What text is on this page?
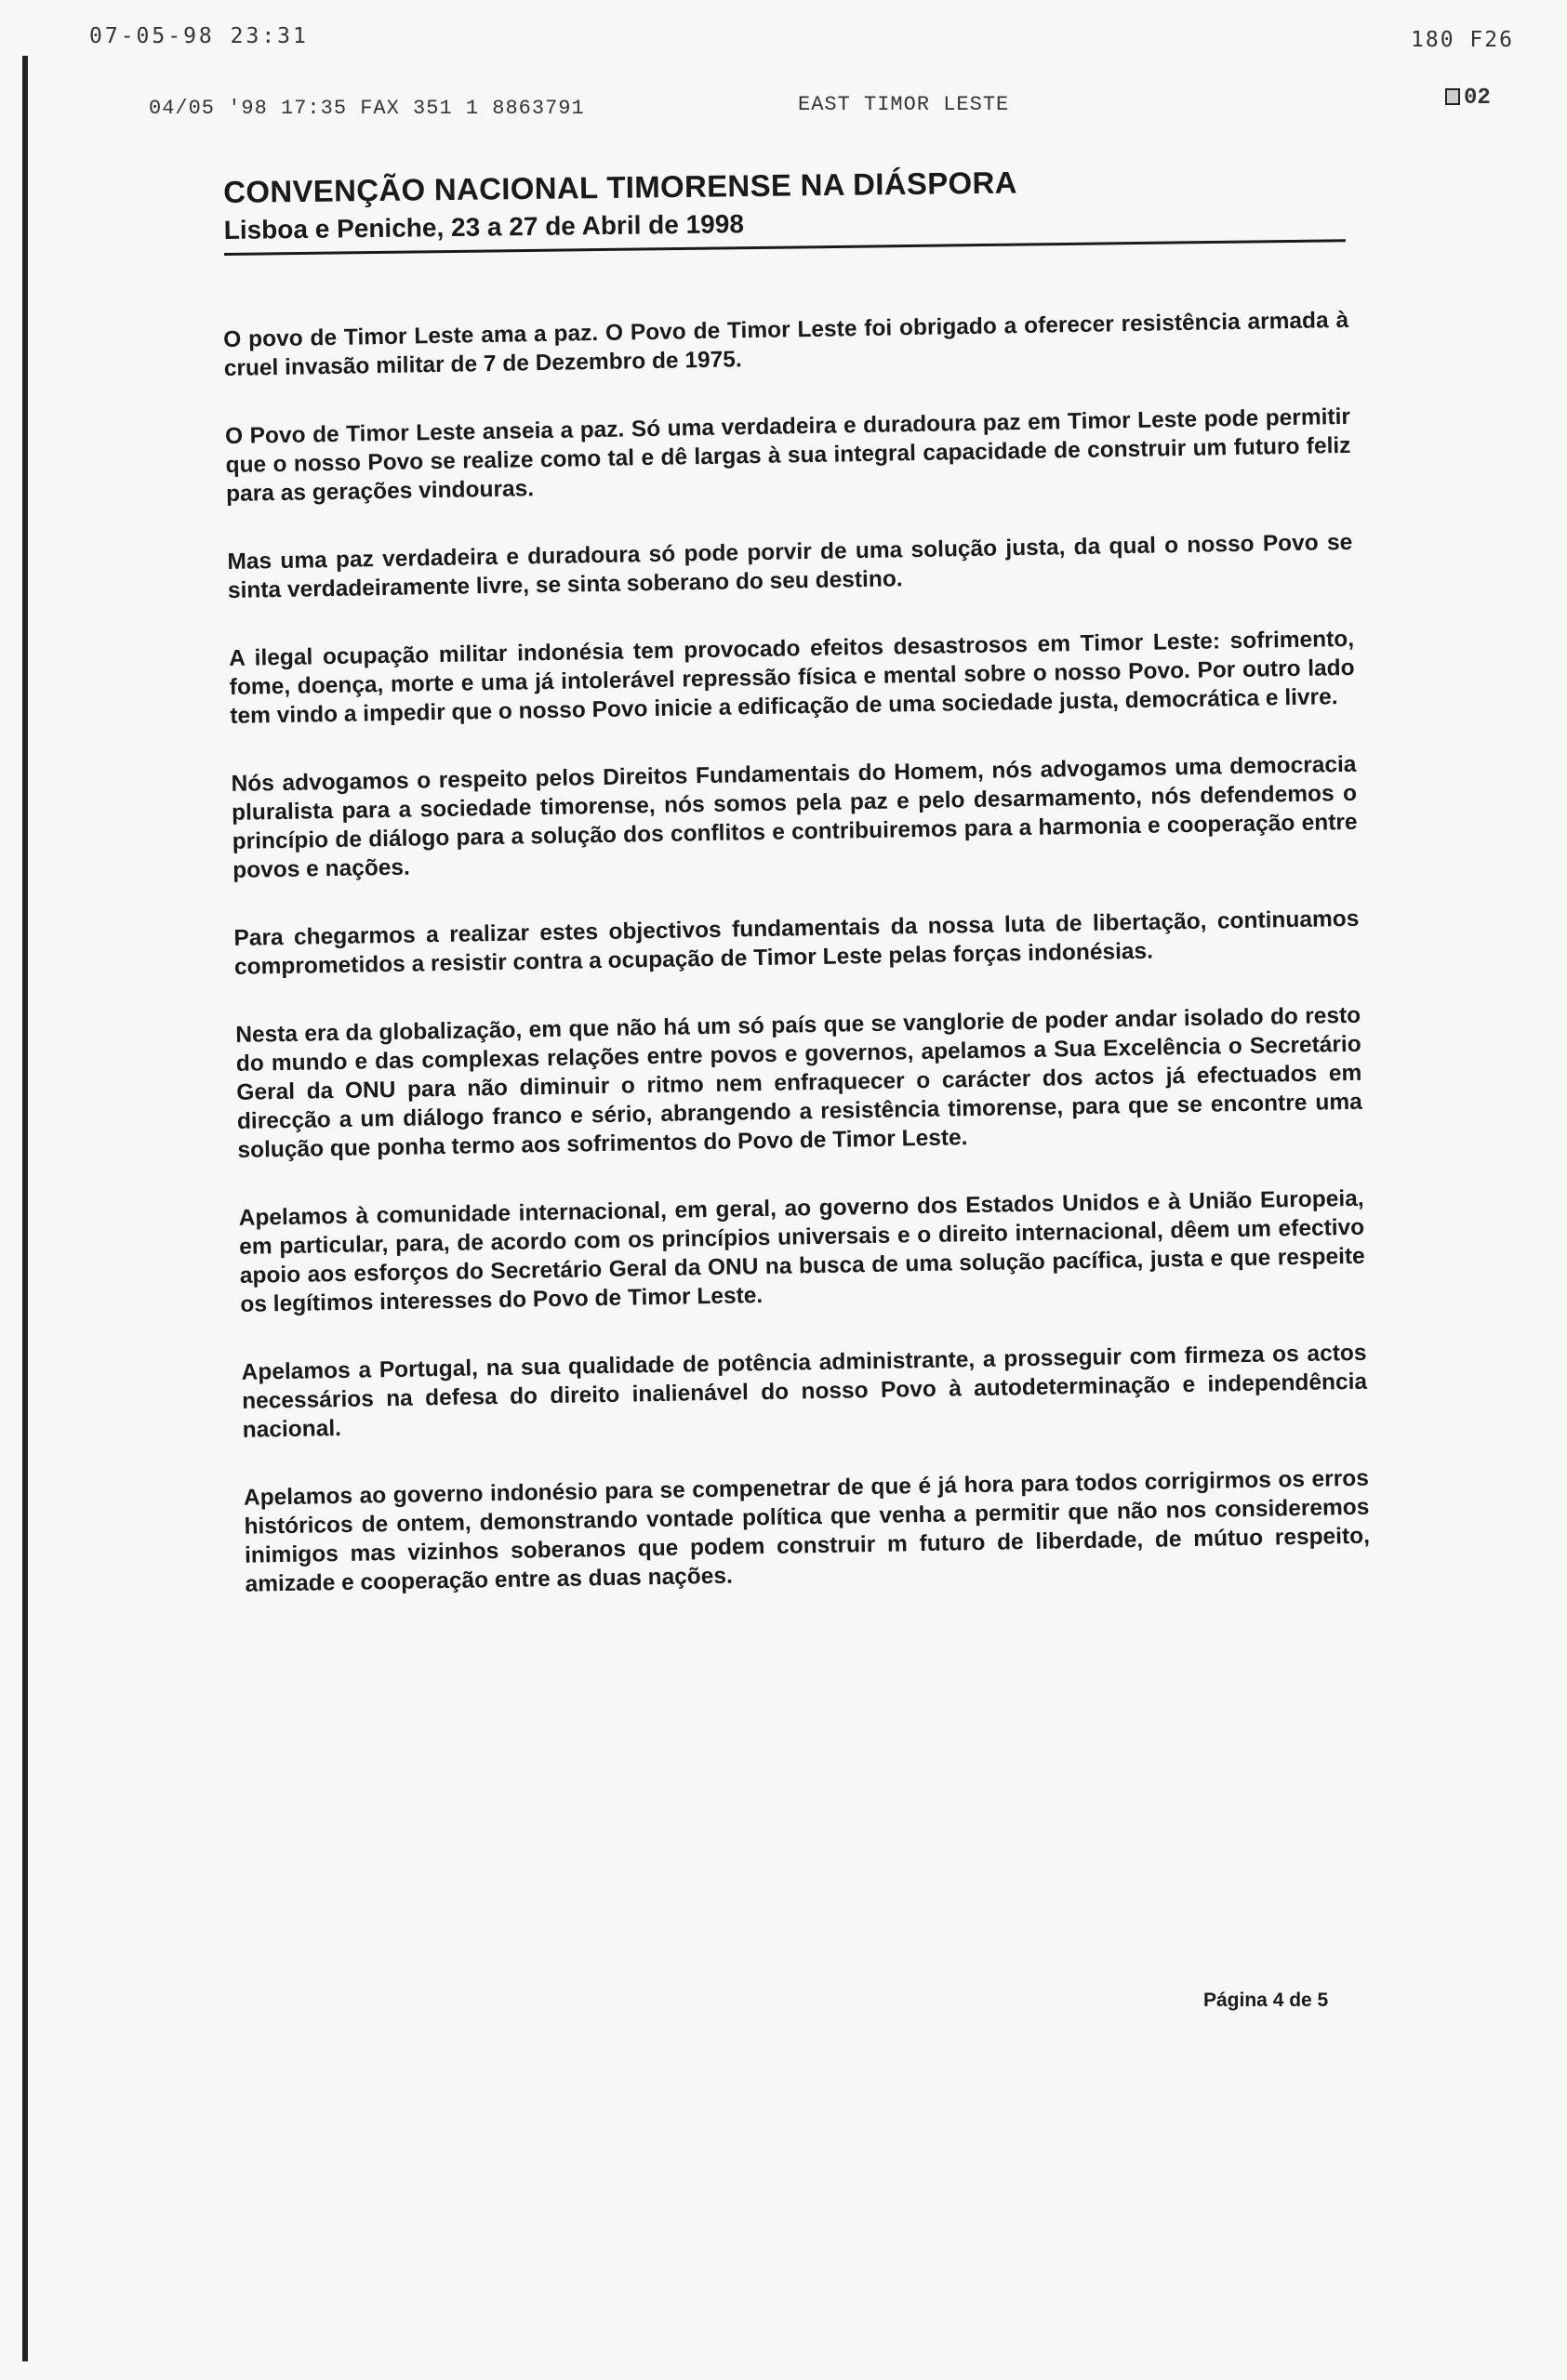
07-05-98 23:31	180 F26
04/05 '98 17:35 FAX 351 1 8863791	EAST TIMOR LESTE	02
CONVENÇÃO NACIONAL TIMORENSE NA DIÁSPORA
Lisboa e Peniche, 23 a 27 de Abril de 1998

O povo de Timor Leste ama a paz. O Povo de Timor Leste foi obrigado a oferecer resistência armada à cruel invasão militar de 7 de Dezembro de 1975.

O Povo de Timor Leste anseia a paz. Só uma verdadeira e duradoura paz em Timor Leste pode permitir que o nosso Povo se realize como tal e dê largas à sua integral capacidade de construir um futuro feliz para as gerações vindouras.

Mas uma paz verdadeira e duradoura só pode porvir de uma solução justa, da qual o nosso Povo se sinta verdadeiramente livre, se sinta soberano do seu destino.

A ilegal ocupação militar indonésia tem provocado efeitos desastrosos em Timor Leste: sofrimento, fome, doença, morte e uma já intolerável repressão física e mental sobre o nosso Povo. Por outro lado tem vindo a impedir que o nosso Povo inicie a edificação de uma sociedade justa, democrática e livre.

Nós advogamos o respeito pelos Direitos Fundamentais do Homem, nós advogamos uma democracia pluralista para a sociedade timorense, nós somos pela paz e pelo desarmamento, nós defendemos o princípio de diálogo para a solução dos conflitos e contribuiremos para a harmonia e cooperação entre povos e nações.

Para chegarmos a realizar estes objectivos fundamentais da nossa luta de libertação, continuamos comprometidos a resistir contra a ocupação de Timor Leste pelas forças indonésias.

Nesta era da globalização, em que não há um só país que se vanglorie de poder andar isolado do resto do mundo e das complexas relações entre povos e governos, apelamos a Sua Excelência o Secretário Geral da ONU para não diminuir o ritmo nem enfraquecer o carácter dos actos já efectuados em direcção a um diálogo franco e sério, abrangendo a resistência timorense, para que se encontre uma solução que ponha termo aos sofrimentos do Povo de Timor Leste.

Apelamos à comunidade internacional, em geral, ao governo dos Estados Unidos e à União Europeia, em particular, para, de acordo com os princípios universais e o direito internacional, dêem um efectivo apoio aos esforços do Secretário Geral da ONU na busca de uma solução pacífica, justa e que respeite os legítimos interesses do Povo de Timor Leste.

Apelamos a Portugal, na sua qualidade de potência administrante, a prosseguir com firmeza os actos necessários na defesa do direito inalienável do nosso Povo à autodeterminação e independência nacional.

Apelamos ao governo indonésio para se compenetrar de que é já hora para todos corrigirmos os erros históricos de ontem, demonstrando vontade política que venha a permitir que não nos consideremos inimigos mas vizinhos soberanos que podem construir m futuro de liberdade, de mútuo respeito, amizade e cooperação entre as duas nações.

Página 4 de 5
